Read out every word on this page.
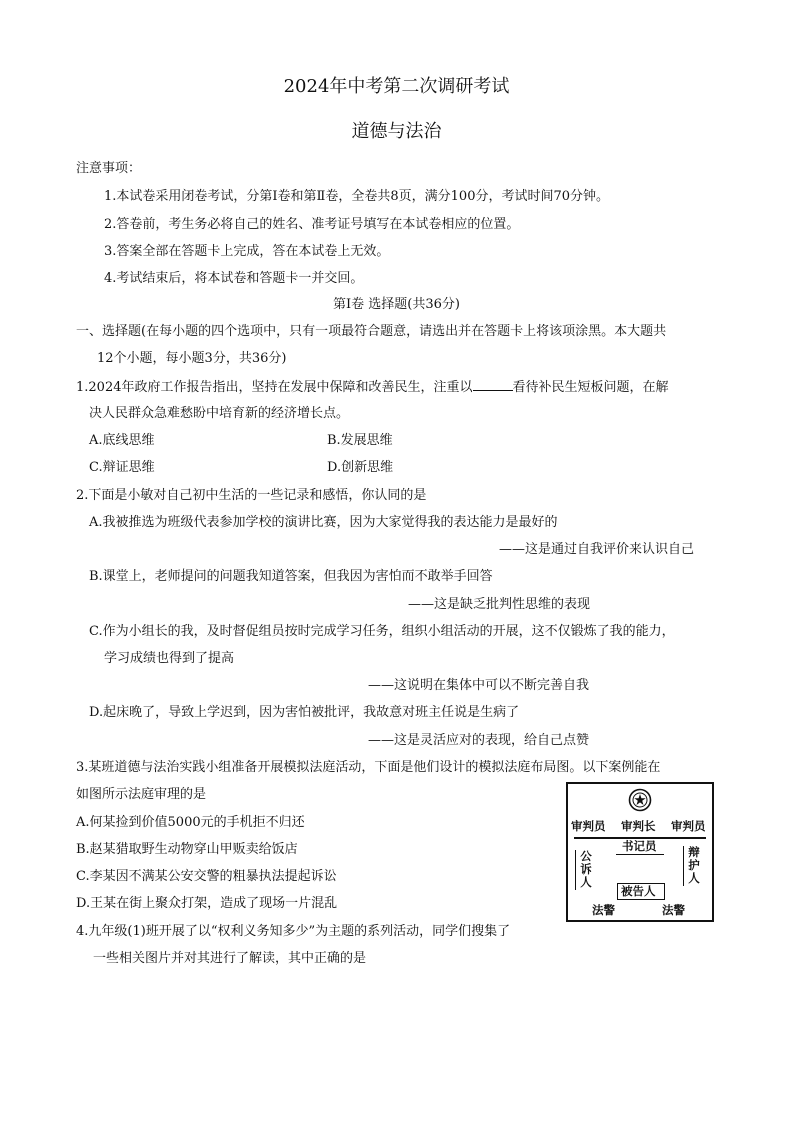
2024年中考第二次调研考试
道德与法治
注意事项：
1.本试卷采用闭卷考试，分第Ⅰ卷和第Ⅱ卷，全卷共8页，满分100分，考试时间70分钟。
2.答卷前，考生务必将自己的姓名、准考证号填写在本试卷相应的位置。
3.答案全部在答题卡上完成，答在本试卷上无效。
4.考试结束后，将本试卷和答题卡一并交回。
第Ⅰ卷 选择题(共36分)
一、选择题(在每小题的四个选项中，只有一项最符合题意，请选出并在答题卡上将该项涂黑。本大题共
12个小题，每小题3分，共36分)
1.2024年政府工作报告指出，坚持在发展中保障和改善民生，注重以	看待补民生短板问题，在解
决人民群众急难愁盼中培育新的经济增长点。
A.底线思维	B.发展思维
C.辩证思维	D.创新思维
2.下面是小敏对自己初中生活的一些记录和感悟，你认同的是
A.我被推选为班级代表参加学校的演讲比赛，因为大家觉得我的表达能力是最好的
——这是通过自我评价来认识自己
B.课堂上，老师提问的问题我知道答案，但我因为害怕而不敢举手回答
——这是缺乏批判性思维的表现
C.作为小组长的我，及时督促组员按时完成学习任务，组织小组活动的开展，这不仅锻炼了我的能力，
学习成绩也得到了提高
——这说明在集体中可以不断完善自我
D.起床晚了，导致上学迟到，因为害怕被批评，我故意对班主任说是生病了
——这是灵活应对的表现，给自己点赞
3.某班道德与法治实践小组准备开展模拟法庭活动，下面是他们设计的模拟法庭布局图。以下案例能在
如图所示法庭审理的是
A.何某捡到价值5000元的手机拒不归还
B.赵某猎取野生动物穿山甲贩卖给饭店
C.李某因不满某公安交警的粗暴执法提起诉讼
D.王某在街上聚众打架，造成了现场一片混乱
审判员 审判长 审判员
书记员
公诉人
辩护人
被告人
法警	法警
4.九年级(1)班开展了以“权利义务知多少”为主题的系列活动，同学们搜集了
一些相关图片并对其进行了解读，其中正确的是
